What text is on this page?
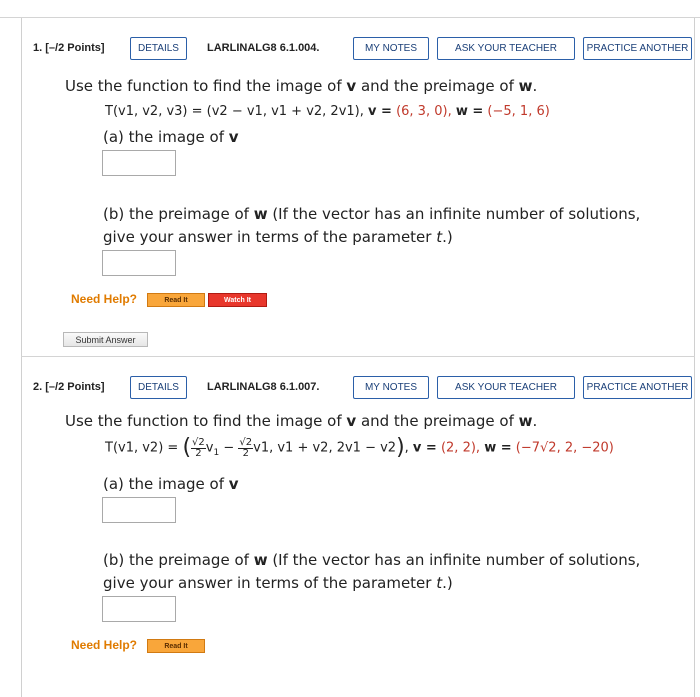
1. [–/2 Points]	DETAILS	LARLINALG8 6.1.004.	MY NOTES	ASK YOUR TEACHER	PRACTICE ANOTHER
Use the function to find the image of v and the preimage of w.
T(v1, v2, v3) = (v2 − v1, v1 + v2, 2v1), v = (6, 3, 0), w = (−5, 1, 6)
(a) the image of v
(b) the preimage of w (If the vector has an infinite number of solutions,
give your answer in terms of the parameter t.)
Need Help?	Read It	Watch It
Submit Answer
2. [–/2 Points]	DETAILS	LARLINALG8 6.1.007.	MY NOTES	ASK YOUR TEACHER	PRACTICE ANOTHER
Use the function to find the image of v and the preimage of w.
T(v1, v2) = ( $\frac{√2}{2} v_1 - \frac{√2}{2} v1$, v1 + v2, 2v1 − v2), v = (2, 2), w = (−7√2, 2, −20)
(a) the image of v
(b) the preimage of w (If the vector has an infinite number of solutions,
give your answer in terms of the parameter t.)
Need Help?	Read It
